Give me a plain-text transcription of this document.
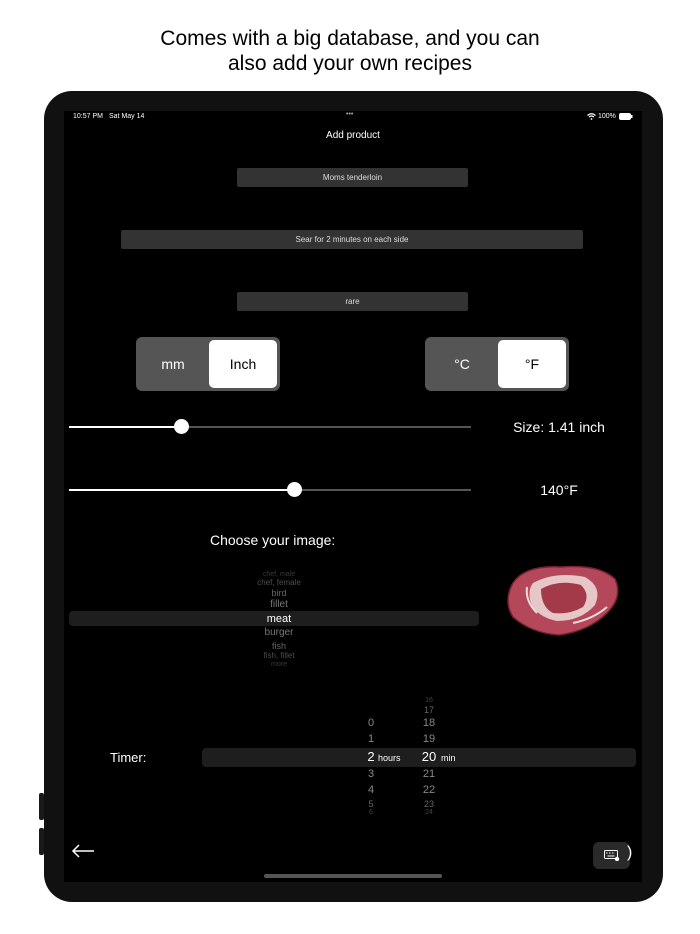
Comes with a big database, and you can
also add your own recipes
10:57 PM Sat May 14	•••	100%
Add product
Moms tenderloin
Sear for 2 minutes on each side
rare
mm	Inch	°C	°F
Size: 1.41 inch
140°F
Choose your image:
chef, male
chef, female
bird
fillet
meat
burger
fish
fish, fillet
more
Timer:
0
1
2
3
4
5
6
hours
16
17
18
19
20
21
22
23
24
min
)
